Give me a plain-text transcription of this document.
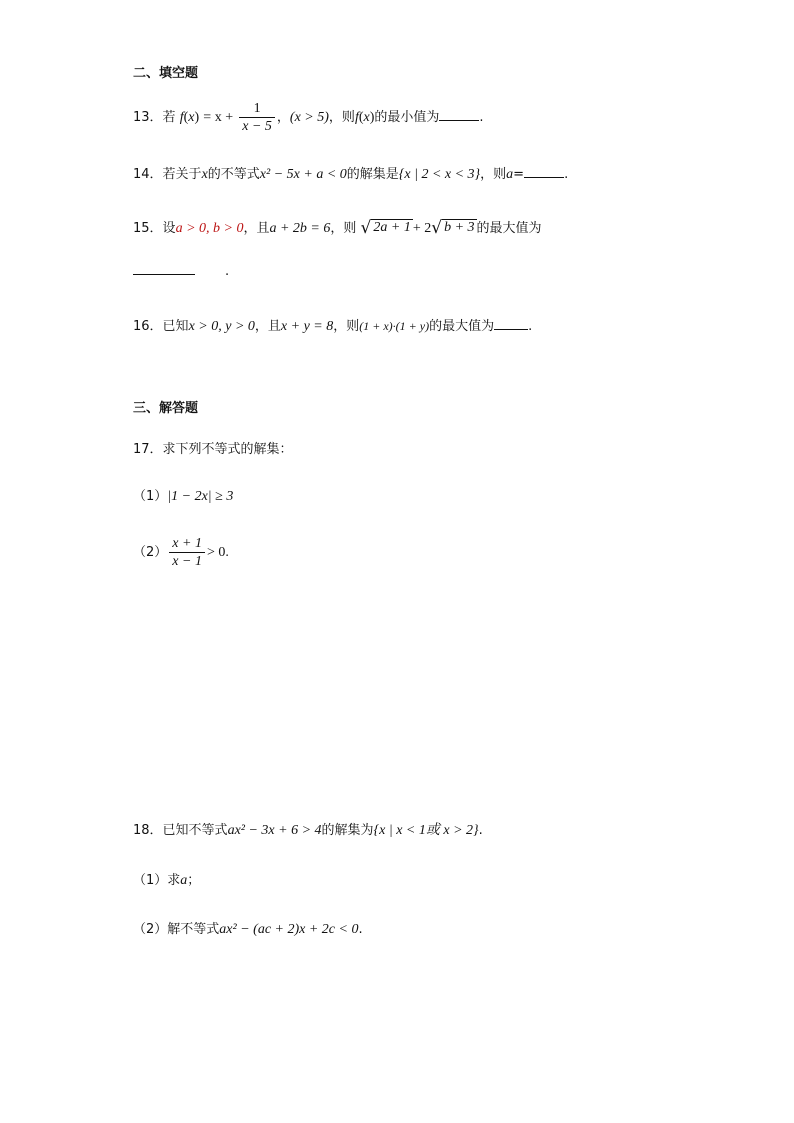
二、填空题
13．若 $f(x) = x + \frac{1}{x - 5}$ ，(x > 5)，则f(x)的最小值为	.
14．若关于x的不等式x² − 5x + a < 0的解集是{x | 2 < x < 3}，则a=	.
15．设a > 0, b > 0，且a + 2b = 6，则 √ 2a + 1 + 2√ b + 3 的最大值为
.
16．已知x > 0, y > 0，且x + y = 8，则(1 + x)·(1 + y)的最大值为	.
三、解答题
17．求下列不等式的解集：
（1）|1 − 2x| ≥ 3
$(2) \frac{x + 1}{x - 1} > 0$.
18．已知不等式ax² − 3x + 6 > 4的解集为{x | x < 1或 x > 2}.
（1）求a；
（2）解不等式ax² − (ac + 2)x + 2c < 0.
